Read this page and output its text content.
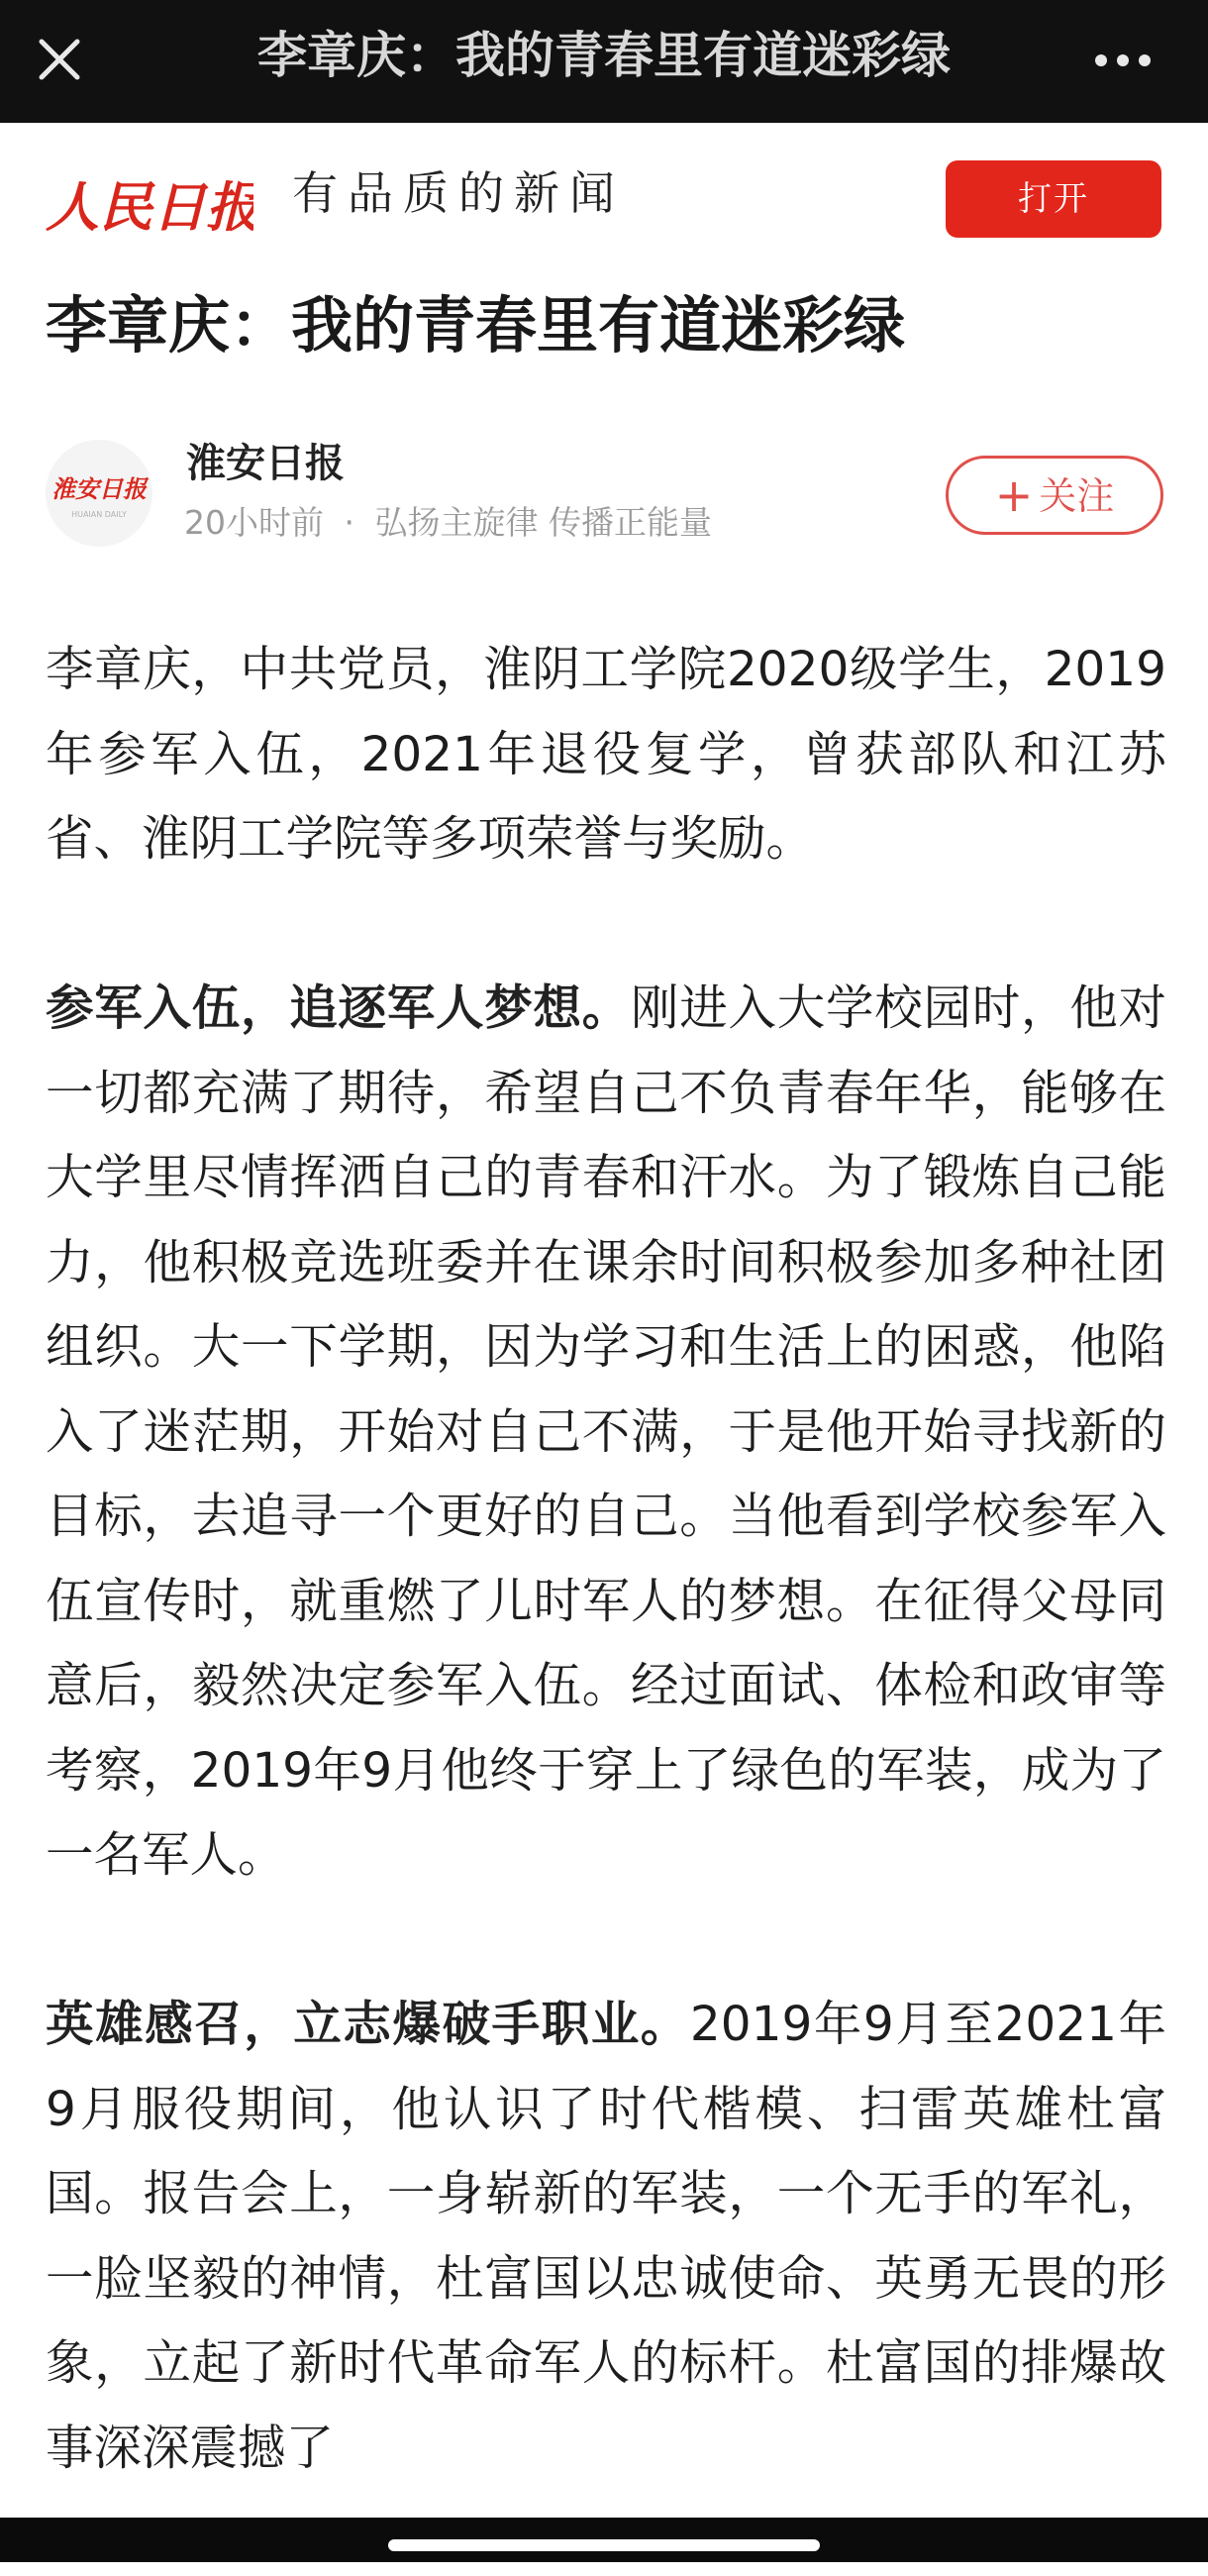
李章庆：我的青春里有道迷彩绿
人民日报 有品质的新闻	打开
李章庆：我的青春里有道迷彩绿
淮安日报
HUAIAN DAILY
淮安日报
20小时前 · 弘扬主旋律 传播正能量
+ 关注

李章庆，中共党员，淮阴工学院2020级学生，2019年参军入伍，2021年退役复学，曾获部队和江苏省、淮阴工学院等多项荣誉与奖励。

参军入伍，追逐军人梦想。刚进入大学校园时，他对一切都充满了期待，希望自己不负青春年华，能够在大学里尽情挥洒自己的青春和汗水。为了锻炼自己能力，他积极竞选班委并在课余时间积极参加多种社团组织。大一下学期，因为学习和生活上的困惑，他陷入了迷茫期，开始对自己不满，于是他开始寻找新的目标，去追寻一个更好的自己。当他看到学校参军入伍宣传时，就重燃了儿时军人的梦想。在征得父母同意后，毅然决定参军入伍。经过面试、体检和政审等考察，2019年9月他终于穿上了绿色的军装，成为了一名军人。

英雄感召，立志爆破手职业。2019年9月至2021年9月服役期间，他认识了时代楷模、扫雷英雄杜富国。报告会上，一身崭新的军装，一个无手的军礼，一脸坚毅的神情，杜富国以忠诚使命、英勇无畏的形象，立起了新时代革命军人的标杆。杜富国的排爆故事深深震撼了
